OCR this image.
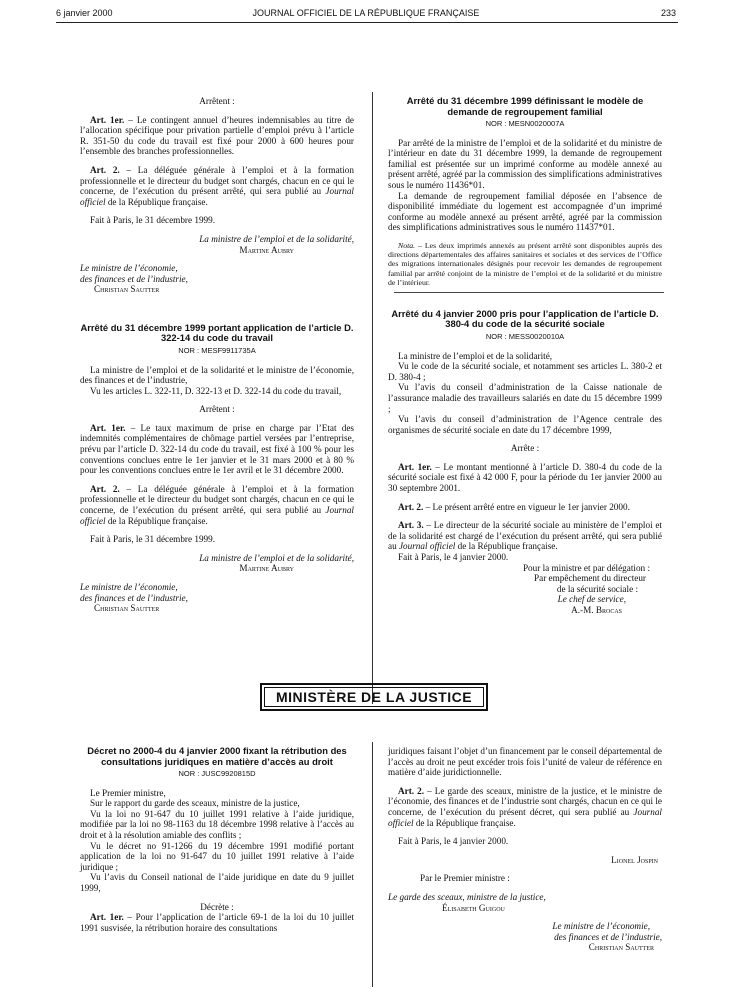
6 janvier 2000	JOURNAL OFFICIEL DE LA RÉPUBLIQUE FRANÇAISE	233

Arrêtent :

Art. 1er. – Le contingent annuel d’heures indemnisables au titre de l’allocation spécifique pour privation partielle d’emploi prévu à l’article R. 351-50 du code du travail est fixé pour 2000 à 600 heures pour l’ensemble des branches professionnelles.

Art. 2. – La déléguée générale à l’emploi et à la formation professionnelle et le directeur du budget sont chargés, chacun en ce qui le concerne, de l’exécution du présent arrêté, qui sera publié au Journal officiel de la République française.

Fait à Paris, le 31 décembre 1999.

La ministre de l’emploi et de la solidarité,

Martine Aubry

Le ministre de l’économie,

des finances et de l’industrie,

Christian Sautter

Arrêté du 31 décembre 1999 portant application de l’article D. 322-14 du code du travail

NOR : MESF9911735A

La ministre de l’emploi et de la solidarité et le ministre de l’économie, des finances et de l’industrie,

Vu les articles L. 322-11, D. 322-13 et D. 322-14 du code du travail,

Arrêtent :

Art. 1er. – Le taux maximum de prise en charge par l’Etat des indemnités complémentaires de chômage partiel versées par l’entreprise, prévu par l’article D. 322-14 du code du travail, est fixé à 100 % pour les conventions conclues entre le 1er janvier et le 31 mars 2000 et à 80 % pour les conventions conclues entre le 1er avril et le 31 décembre 2000.

Art. 2. – La déléguée générale à l’emploi et à la formation professionnelle et le directeur du budget sont chargés, chacun en ce qui le concerne, de l’exécution du présent arrêté, qui sera publié au Journal officiel de la République française.

Fait à Paris, le 31 décembre 1999.

La ministre de l’emploi et de la solidarité,

Martine Aubry

Le ministre de l’économie,

des finances et de l’industrie,

Christian Sautter

Arrêté du 31 décembre 1999 définissant le modèle de demande de regroupement familial

NOR : MESN0020007A

Par arrêté de la ministre de l’emploi et de la solidarité et du ministre de l’intérieur en date du 31 décembre 1999, la demande de regroupement familial est présentée sur un imprimé conforme au modèle annexé au présent arrêté, agréé par la commission des simplifications administratives sous le numéro 11436*01.

La demande de regroupement familial déposée en l’absence de disponibilité immédiate du logement est accompagnée d’un imprimé conforme au modèle annexé au présent arrêté, agréé par la commission des simplifications administratives sous le numéro 11437*01.

Nota. – Les deux imprimés annexés au présent arrêté sont disponibles auprès des directions départementales des affaires sanitaires et sociales et des services de l’Office des migrations internationales désignés pour recevoir les demandes de regroupement familial par arrêté conjoint de la ministre de l’emploi et de la solidarité et du ministre de l’intérieur.

Arrêté du 4 janvier 2000 pris pour l’application de l’article D. 380-4 du code de la sécurité sociale

NOR : MESS0020010A

La ministre de l’emploi et de la solidarité,

Vu le code de la sécurité sociale, et notamment ses articles L. 380-2 et D. 380-4 ;

Vu l’avis du conseil d’administration de la Caisse nationale de l’assurance maladie des travailleurs salariés en date du 15 décembre 1999 ;

Vu l’avis du conseil d’administration de l’Agence centrale des organismes de sécurité sociale en date du 17 décembre 1999,

Arrête :

Art. 1er. – Le montant mentionné à l’article D. 380-4 du code de la sécurité sociale est fixé à 42 000 F, pour la période du 1er janvier 2000 au 30 septembre 2001.

Art. 2. – Le présent arrêté entre en vigueur le 1er janvier 2000.

Art. 3. – Le directeur de la sécurité sociale au ministère de l’emploi et de la solidarité est chargé de l’exécution du présent arrêté, qui sera publié au Journal officiel de la République française.

Fait à Paris, le 4 janvier 2000.

Pour la ministre et par délégation :

Par empêchement du directeur

de la sécurité sociale :

Le chef de service,

A.-M. Brocas

MINISTÈRE DE LA JUSTICE

Décret no 2000-4 du 4 janvier 2000 fixant la rétribution des consultations juridiques en matière d’accès au droit

NOR : JUSC9920815D

Le Premier ministre,

Sur le rapport du garde des sceaux, ministre de la justice,

Vu la loi no 91-647 du 10 juillet 1991 relative à l’aide juridique, modifiée par la loi no 98-1163 du 18 décembre 1998 relative à l’accès au droit et à la résolution amiable des conflits ;

Vu le décret no 91-1266 du 19 décembre 1991 modifié portant application de la loi no 91-647 du 10 juillet 1991 relative à l’aide juridique ;

Vu l’avis du Conseil national de l’aide juridique en date du 9 juillet 1999,

Décrète :

Art. 1er. – Pour l’application de l’article 69-1 de la loi du 10 juillet 1991 susvisée, la rétribution horaire des consultations

juridiques faisant l’objet d’un financement par le conseil départemental de l’accès au droit ne peut excéder trois fois l’unité de valeur de référence en matière d’aide juridictionnelle.

Art. 2. – Le garde des sceaux, ministre de la justice, et le ministre de l’économie, des finances et de l’industrie sont chargés, chacun en ce qui le concerne, de l’exécution du présent décret, qui sera publié au Journal officiel de la République française.

Fait à Paris, le 4 janvier 2000.

Lionel Jospin

Par le Premier ministre :

Le garde des sceaux, ministre de la justice,

Élisabeth Guigou

Le ministre de l’économie,

des finances et de l’industrie,

Christian Sautter
